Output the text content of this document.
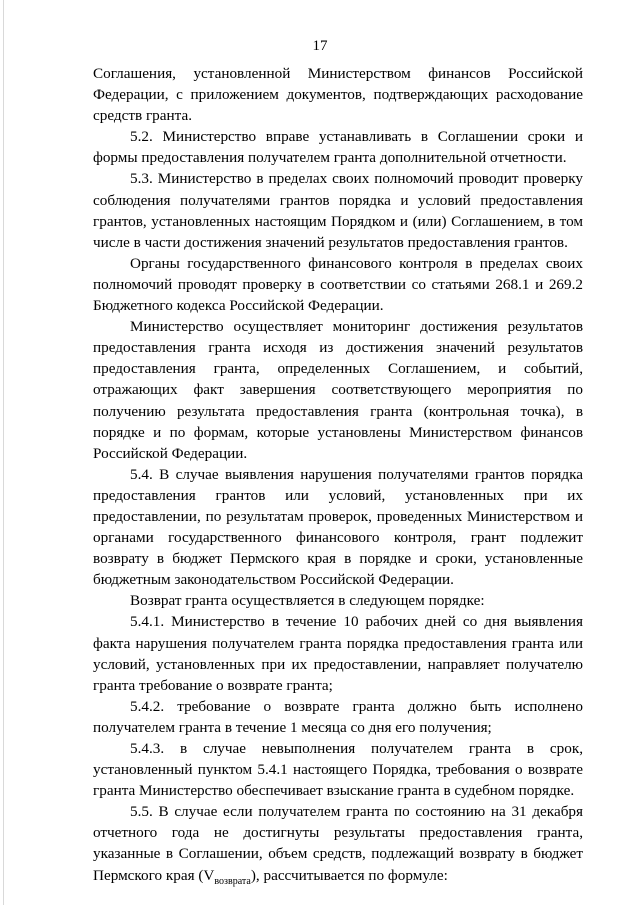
17

Соглашения, установленной Министерством финансов Российской Федерации, с приложением документов, подтверждающих расходование средств гранта.

5.2. Министерство вправе устанавливать в Соглашении сроки и формы предоставления получателем гранта дополнительной отчетности.

5.3. Министерство в пределах своих полномочий проводит проверку соблюдения получателями грантов порядка и условий предоставления грантов, установленных настоящим Порядком и (или) Соглашением, в том числе в части достижения значений результатов предоставления грантов.

Органы государственного финансового контроля в пределах своих полномочий проводят проверку в соответствии со статьями 268.1 и 269.2 Бюджетного кодекса Российской Федерации.

Министерство осуществляет мониторинг достижения результатов предоставления гранта исходя из достижения значений результатов предоставления гранта, определенных Соглашением, и событий, отражающих факт завершения соответствующего мероприятия по получению результата предоставления гранта (контрольная точка), в порядке и по формам, которые установлены Министерством финансов Российской Федерации.

5.4. В случае выявления нарушения получателями грантов порядка предоставления грантов или условий, установленных при их предоставлении, по результатам проверок, проведенных Министерством и органами государственного финансового контроля, грант подлежит возврату в бюджет Пермского края в порядке и сроки, установленные бюджетным законодательством Российской Федерации.

Возврат гранта осуществляется в следующем порядке:

5.4.1. Министерство в течение 10 рабочих дней со дня выявления факта нарушения получателем гранта порядка предоставления гранта или условий, установленных при их предоставлении, направляет получателю гранта требование о возврате гранта;

5.4.2. требование о возврате гранта должно быть исполнено получателем гранта в течение 1 месяца со дня его получения;

5.4.3. в случае невыполнения получателем гранта в срок, установленный пунктом 5.4.1 настоящего Порядка, требования о возврате гранта Министерство обеспечивает взыскание гранта в судебном порядке.

5.5. В случае если получателем гранта по состоянию на 31 декабря отчетного года не достигнуты результаты предоставления гранта, указанные в Соглашении, объем средств, подлежащий возврату в бюджет Пермского края $(V_{возврата})$, рассчитывается по формуле:
